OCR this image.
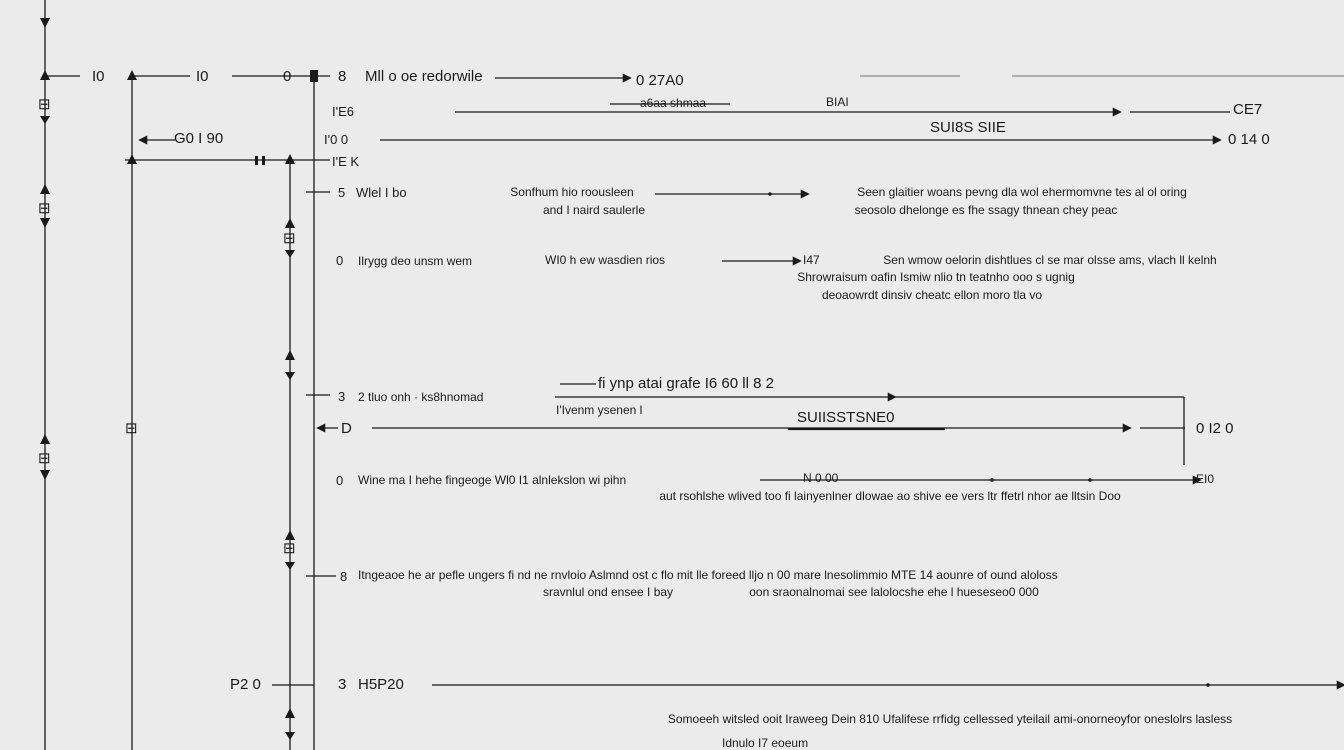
⊟
⊟
⊟
⊟
⊟
⊟
I0	I0	0	8 Mll o oe redorwile	0 27A0
I'E6
a6aa shmaa	BIAI	CE7
G0 I 90	I'0 0
SUI8S SIIE
0 14 0
I'E K
5 Wlel I bo	Sonfhum hio roousleen
and I naird saulerle
Seen glaitier woans pevng dla wol ehermomvne tes al ol oring
seosolo dhelonge es fhe ssagy thnean chey peac
0 Ilrygg deo unsm wem	WI0 h ew wasdien rios	I47	Sen wmow oelorin dishtlues cl se mar olsse ams, vlach ll kelnh
Shrowraisum oafin Ismiw nlio tn teatnho ooo s ugnig
deoaowrdt dinsiv cheatc ellon moro tla vo
3 2 tluo onh · ks8hnomad
fi ynp atai grafe I6 60 ll 8 2
I'Ivenm ysenen l
D
SUIISSTSNE0
0 I2 0
0 Wine ma I hehe fingeoge Wl0 I1 alnlekslon wi pihn	N 0 00	EI0
aut rsohlshe wlived too fi lainyenlner dlowae ao shive ee vers ltr ffetrl nhor ae lltsin Doo
8 Itngeaoe he ar pefle ungers fi nd ne rnvloio Aslmnd ost c flo mit lle foreed lljo n 00 mare lnesolimmio MTE 14 aounre of ound aloloss
sravnlul ond ensee I bay	oon sraonalnomai see lalolocshe ehe l hueseseo0 000
P2 0	3 H5P20
Somoeeh witsled ooit Iraweeg Dein 810 Ufalifese rrfidg cellessed yteilail ami-onorneoyfor oneslolrs lasless
Idnulo I7 eoeum
